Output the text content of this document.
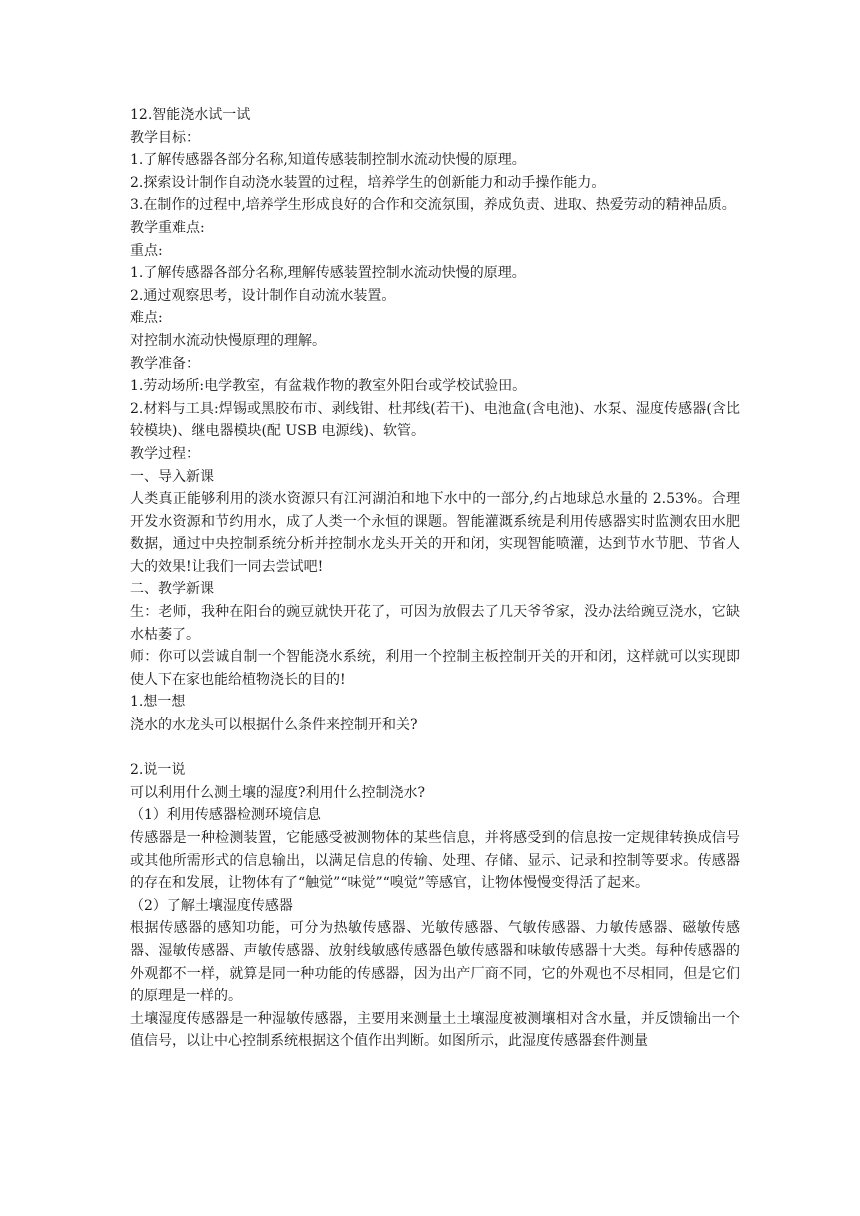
12.智能浇水试一试

教学目标：

1.了解传感器各部分名称,知道传感装制控制水流动快慢的原理。

2.探索设计制作自动浇水装置的过程，培养学生的创新能力和动手操作能力。

3.在制作的过程中,培养学生形成良好的合作和交流氛围，养成负责、进取、热爱劳动的精神品质。

教学重难点:

重点:

1.了解传感器各部分名称,理解传感装置控制水流动快慢的原理。

2.通过观察思考，设计制作自动流水装置。

难点:

对控制水流动快慢原理的理解。

教学准备：

1.劳动场所:电学教室，有盆栽作物的教室外阳台或学校试验田。

2.材料与工具:焊锡或黑胶布市、剥线钳、杜邦线(若干)、电池盒(含电池)、水泵、湿度传感器(含比较模块)、继电器模块(配 USB 电源线)、软管。

教学过程：

一、导入新课

人类真正能够利用的淡水资源只有江河湖泊和地下水中的一部分,约占地球总水量的 2.53%。合理开发水资源和节约用水，成了人类一个永恒的课题。智能灌溉系统是利用传感器实时监测农田水肥数据，通过中央控制系统分析并控制水龙头开关的开和闭，实现智能喷灌，达到节水节肥、节省人大的效果!让我们一同去尝试吧!

二、教学新课

生：老师，我种在阳台的豌豆就快开花了，可因为放假去了几天爷爷家，没办法给豌豆浇水，它缺水枯萎了。

师：你可以尝诚自制一个智能浇水系统，利用一个控制主板控制开关的开和闭，这样就可以实现即使人下在家也能给植物浇长的目的!

1.想一想

浇水的水龙头可以根据什么条件来控制开和关?

2.说一说

可以利用什么测土壤的湿度?利用什么控制浇水?

（1）利用传感器检测环境信息

传感器是一种检测装置，它能感受被测物体的某些信息，并将感受到的信息按一定规律转换成信号或其他所需形式的信息输出，以满足信息的传输、处理、存储、显示、记录和控制等要求。传感器的存在和发展，让物体有了“触觉”“味觉”“嗅觉”等感官，让物体慢慢变得活了起来。

（2）了解土壤湿度传感器

根据传感器的感知功能，可分为热敏传感器、光敏传感器、气敏传感器、力敏传感器、磁敏传感器、湿敏传感器、声敏传感器、放射线敏感传感器色敏传感器和味敏传感器十大类。每种传感器的外观都不一样，就算是同一种功能的传感器，因为出产厂商不同，它的外观也不尽相同，但是它们的原理是一样的。

土壤湿度传感器是一种湿敏传感器，主要用来测量土土壤湿度被测壤相对含水量，并反馈输出一个值信号，以让中心控制系统根据这个值作出判断。如图所示，此湿度传感器套件测量
